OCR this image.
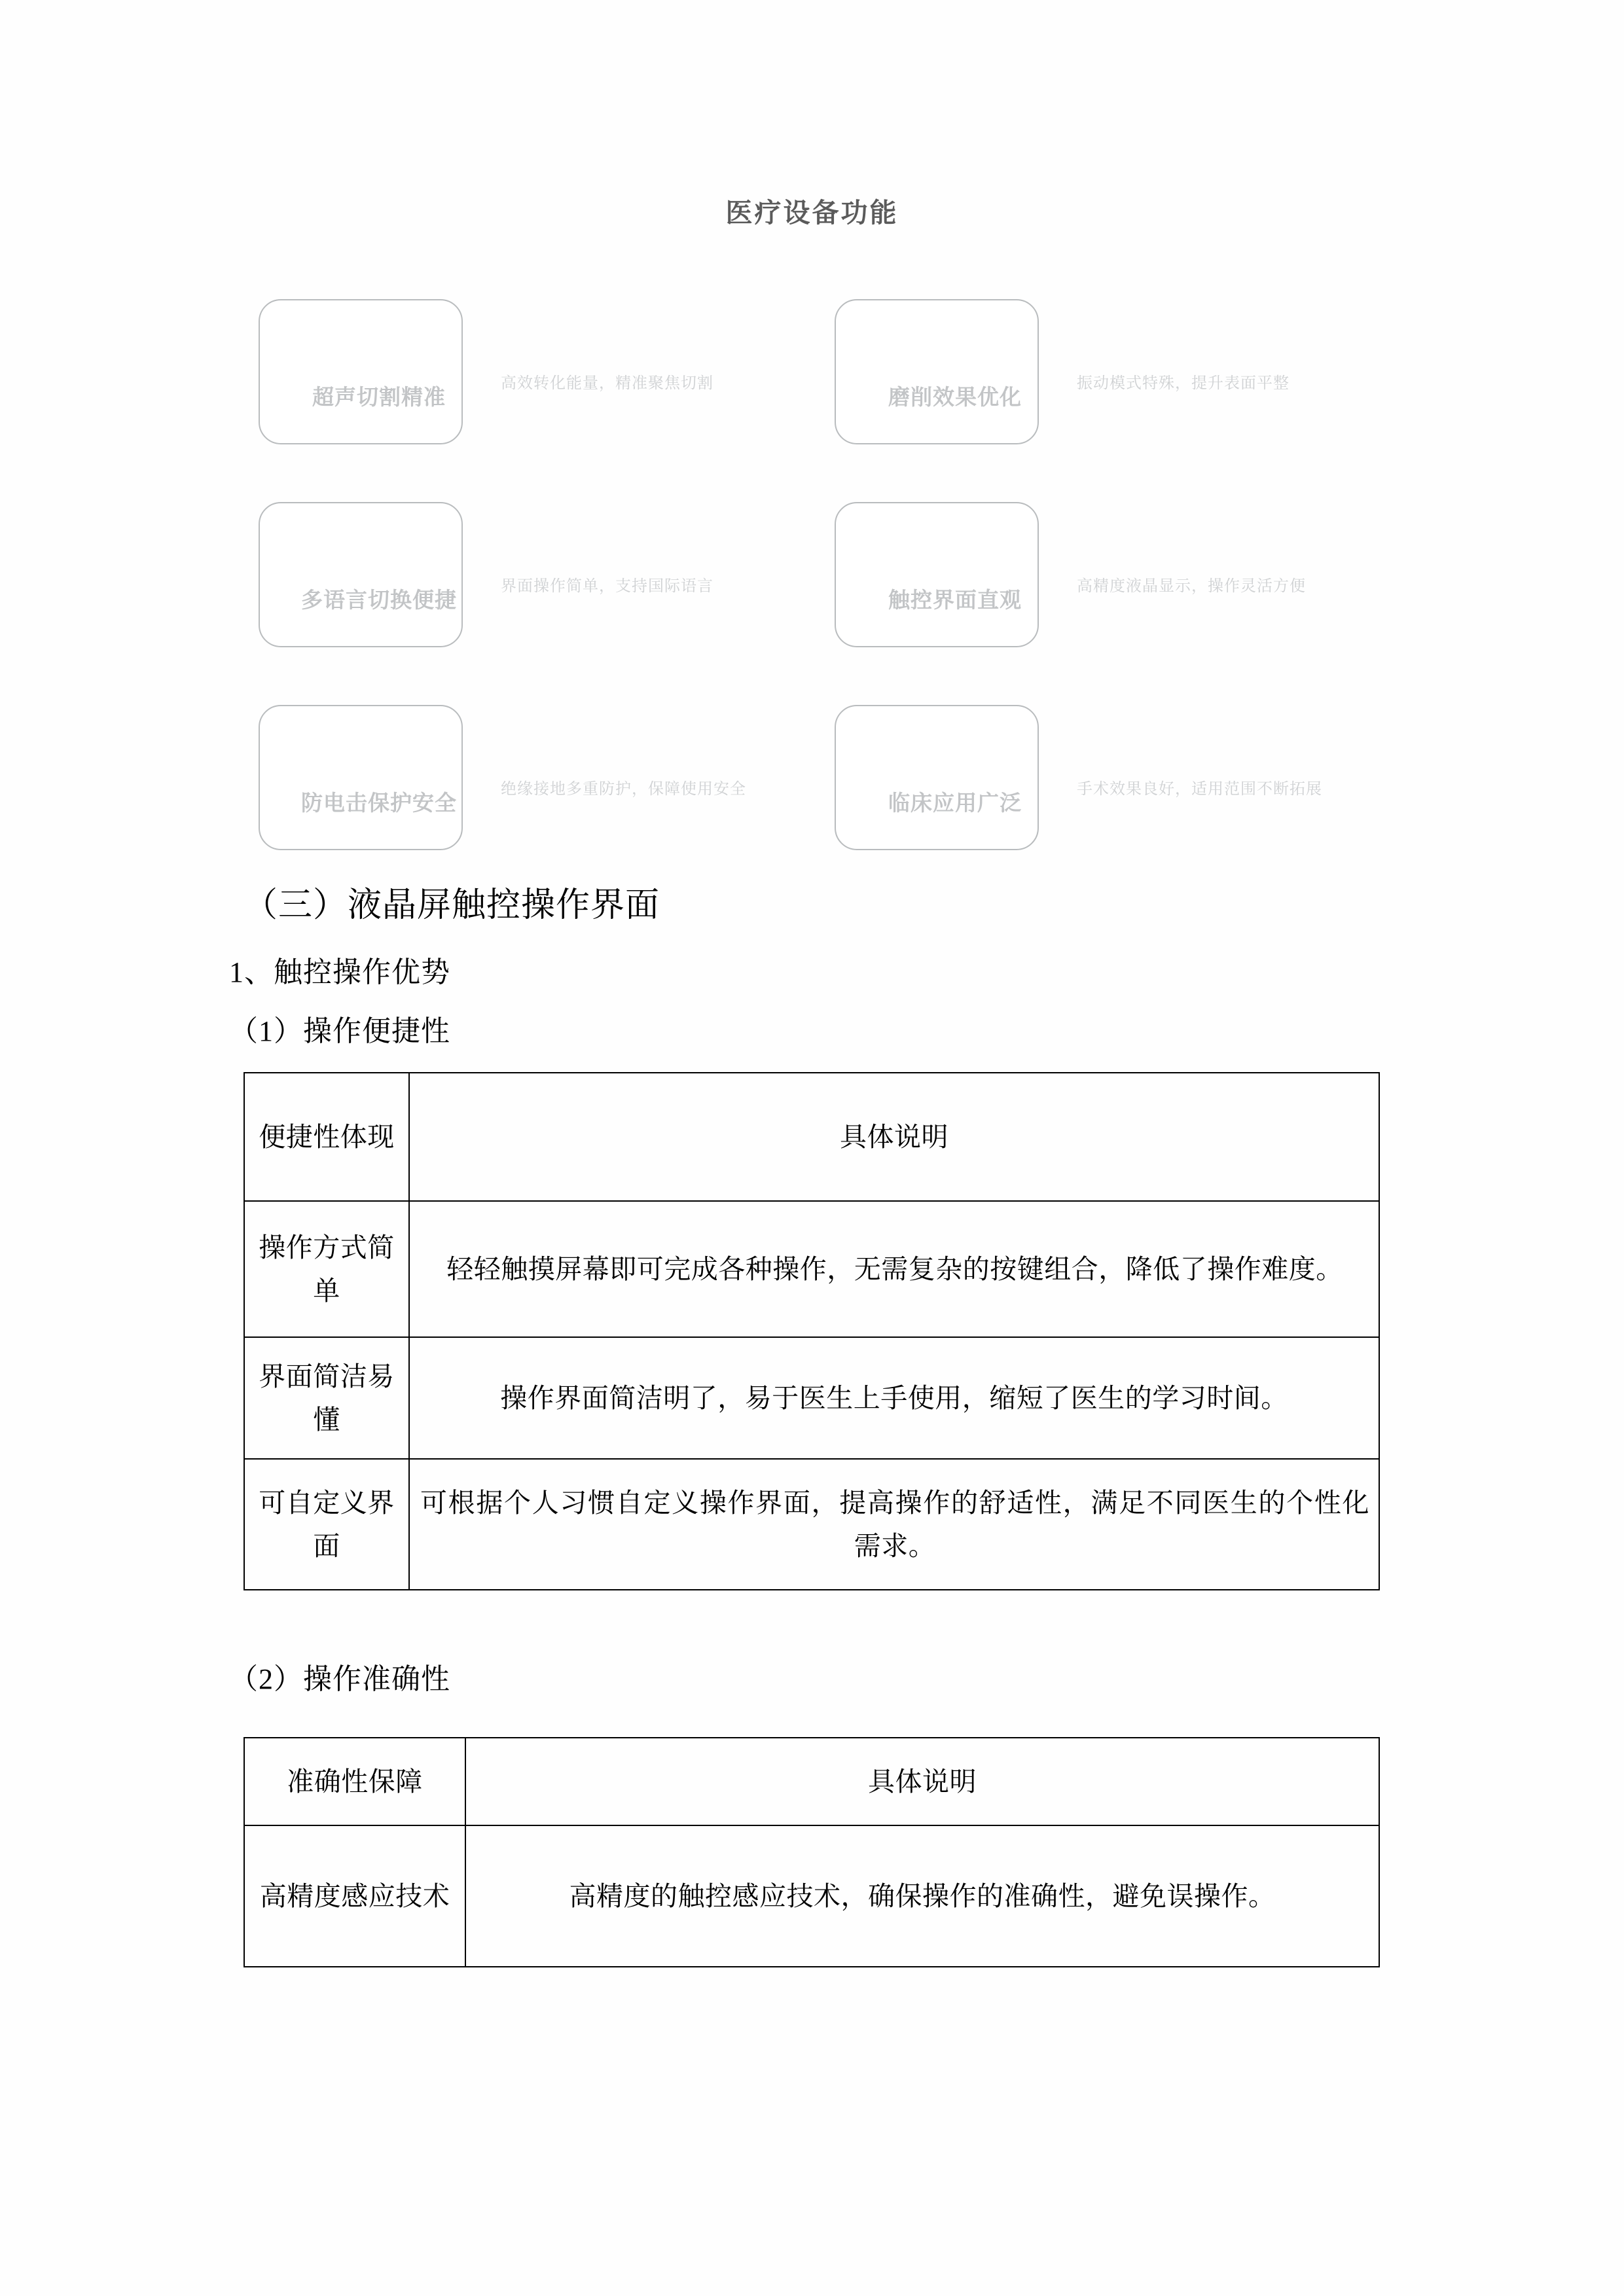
医疗设备功能
超声切割精准
高效转化能量，精准聚焦切割
磨削效果优化
振动模式特殊，提升表面平整
多语言切换便捷
界面操作简单，支持国际语言
触控界面直观
高精度液晶显示，操作灵活方便
防电击保护安全
绝缘接地多重防护，保障使用安全
临床应用广泛
手术效果良好，适用范围不断拓展
（三）液晶屏触控操作界面
1、触控操作优势
（1）操作便捷性
（2）操作准确性
便捷性体现	具体说明
操作方式简单	轻轻触摸屏幕即可完成各种操作，无需复杂的按键组合，降低了操作难度。
界面简洁易懂	操作界面简洁明了，易于医生上手使用，缩短了医生的学习时间。
可自定义界面	可根据个人习惯自定义操作界面，提高操作的舒适性，满足不同医生的个性化需求。
准确性保障	具体说明
高精度感应技术	高精度的触控感应技术，确保操作的准确性，避免误操作。
